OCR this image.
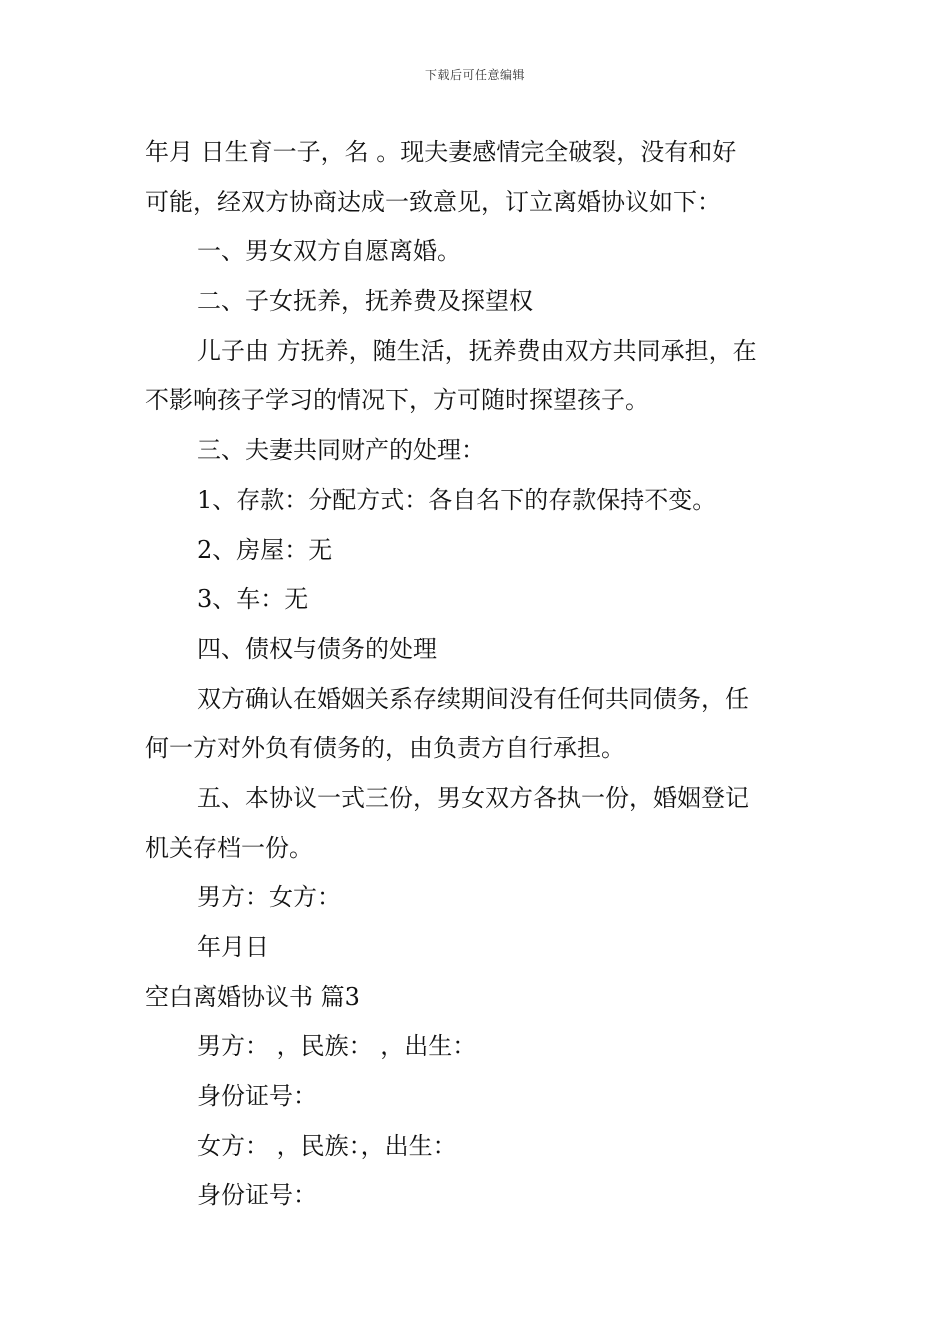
下载后可任意编辑
年月 日生育一子，名 。现夫妻感情完全破裂，没有和好
可能，经双方协商达成一致意见，订立离婚协议如下：
一、男女双方自愿离婚。
二、子女抚养，抚养费及探望权
儿子由 方抚养，随生活，抚养费由双方共同承担，在
不影响孩子学习的情况下，方可随时探望孩子。
三、夫妻共同财产的处理：
1、存款：分配方式：各自名下的存款保持不变。
2、房屋：无
3、车：无
四、债权与债务的处理
双方确认在婚姻关系存续期间没有任何共同债务，任
何一方对外负有债务的，由负责方自行承担。
五、本协议一式三份，男女双方各执一份，婚姻登记
机关存档一份。
男方：女方：
年月日
空白离婚协议书 篇3
男方： ，民族： ，出生：
身份证号：
女方： ，民族：，出生：
身份证号：
